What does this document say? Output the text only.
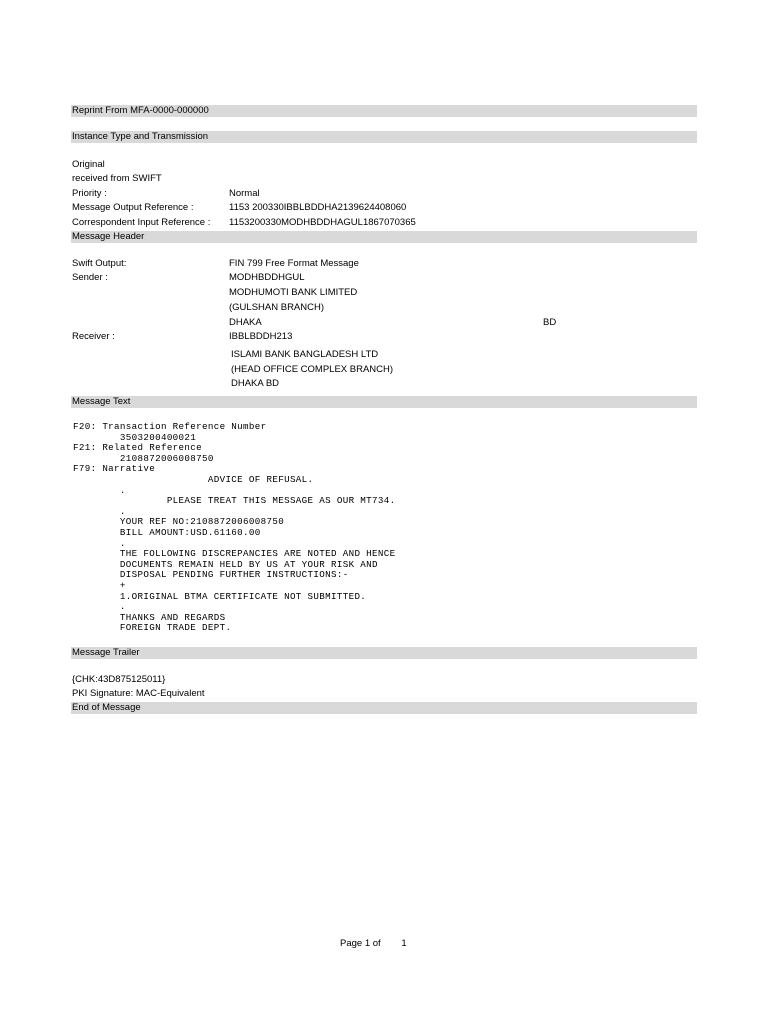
Reprint From MFA-0000-000000
Instance Type and Transmission
Original
received from SWIFT
Priority :	Normal
Message Output Reference :	1153 200330IBBLBDDHA2139624408060
Correspondent Input Reference : 1153200330MODHBDDHAGUL1867070365
Message Header
Swift Output:	FIN 799 Free Format Message
Sender :	MODHBDDHGUL
MODHUMOTI BANK LIMITED
(GULSHAN BRANCH)
DHAKA	BD
Receiver :	IBBLBDDH213
ISLAMI BANK BANGLADESH LTD
(HEAD OFFICE COMPLEX BRANCH)
DHAKA BD
Message Text
F20: Transaction Reference Number
3503200400021
F21: Related Reference
2108872006008750
F79: Narrative
ADVICE OF REFUSAL.
.
PLEASE TREAT THIS MESSAGE AS OUR MT734.
.
YOUR REF NO:2108872006008750
BILL AMOUNT:USD.61160.00
.
THE FOLLOWING DISCREPANCIES ARE NOTED AND HENCE
DOCUMENTS REMAIN HELD BY US AT YOUR RISK AND
DISPOSAL PENDING FURTHER INSTRUCTIONS:-
+
1.ORIGINAL BTMA CERTIFICATE NOT SUBMITTED.
.
THANKS AND REGARDS
FOREIGN TRADE DEPT.
Message Trailer
{CHK:43D875125011}
PKI Signature: MAC-Equivalent
End of Message
Page 1 of 1
